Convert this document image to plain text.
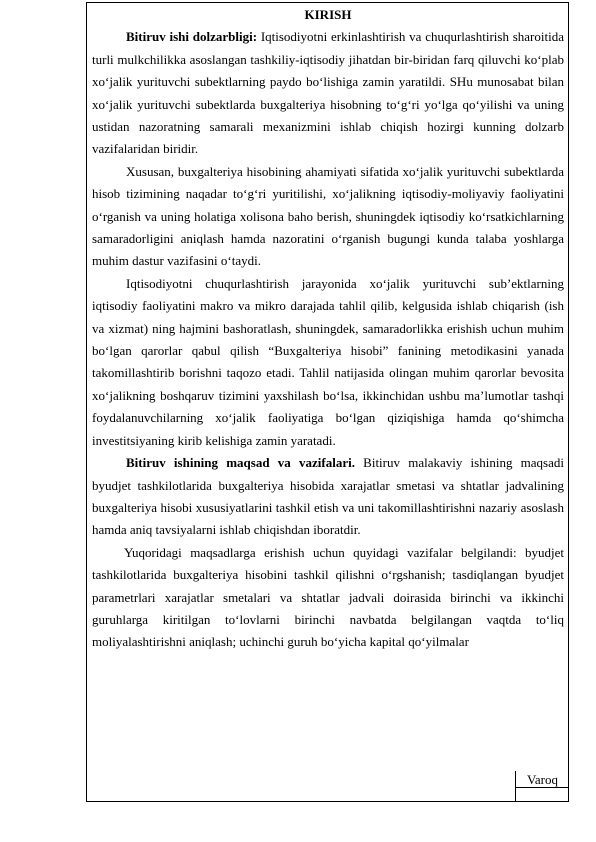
KIRISH

Bitiruv ishi dolzarbligi: Iqtisodiyotni erkinlashtirish va chuqurlashtirish sharoitida turli mulkchilikka asoslangan tashkiliy-iqtisodiy jihatdan bir-biridan farq qiluvchi ko‘plab xo‘jalik yurituvchi subektlarning paydo bo‘lishiga zamin yaratildi. SHu munosabat bilan xo‘jalik yurituvchi subektlarda buxgalteriya hisobning to‘g‘ri yo‘lga qo‘yilishi va uning ustidan nazoratning samarali mexanizmini ishlab chiqish hozirgi kunning dolzarb vazifalaridan biridir.

Xususan, buxgalteriya hisobining ahamiyati sifatida xo‘jalik yurituvchi subektlarda hisob tizimining naqadar to‘g‘ri yuritilishi, xo‘jalikning iqtisodiy-moliyaviy faoliyatini o‘rganish va uning holatiga xolisona baho berish, shuningdek iqtisodiy ko‘rsatkichlarning samaradorligini aniqlash hamda nazoratini o‘rganish bugungi kunda talaba yoshlarga muhim dastur vazifasini o‘taydi.

Iqtisodiyotni chuqurlashtirish jarayonida xo‘jalik yurituvchi sub’ektlarning iqtisodiy faoliyatini makro va mikro darajada tahlil qilib, kelgusida ishlab chiqarish (ish va xizmat) ning hajmini bashoratlash, shuningdek, samaradorlikka erishish uchun muhim bo‘lgan qarorlar qabul qilish “Buxgalteriya hisobi” fanining metodikasini yanada takomillashtirib borishni taqozo etadi. Tahlil natijasida olingan muhim qarorlar bevosita xo‘jalikning boshqaruv tizimini yaxshilash bo‘lsa, ikkinchidan ushbu ma’lumotlar tashqi foydalanuvchilarning xo‘jalik faoliyatiga bo‘lgan qiziqishiga hamda qo‘shimcha investitsiyaning kirib kelishiga zamin yaratadi.

Bitiruv ishining maqsad va vazifalari. Bitiruv malakaviy ishining maqsadi byudjet tashkilotlarida buxgalteriya hisobida xarajatlar smetasi va shtatlar jadvalining buxgalteriya hisobi xususiyatlarini tashkil etish va uni takomillashtirishni nazariy asoslash hamda aniq tavsiyalarni ishlab chiqishdan iboratdir.

Yuqoridagi maqsadlarga erishish uchun quyidagi vazifalar belgilandi: byudjet tashkilotlarida buxgalteriya hisobini tashkil qilishni o‘rgshanish; tasdiqlangan byudjet parametrlari xarajatlar smetalari va shtatlar jadvali doirasida birinchi va ikkinchi guruhlarga kiritilgan to‘lovlarni birinchi navbatda belgilangan vaqtda to‘liq moliyalashtirishni aniqlash; uchinchi guruh bo‘yicha kapital qo‘yilmalar

Varoq
